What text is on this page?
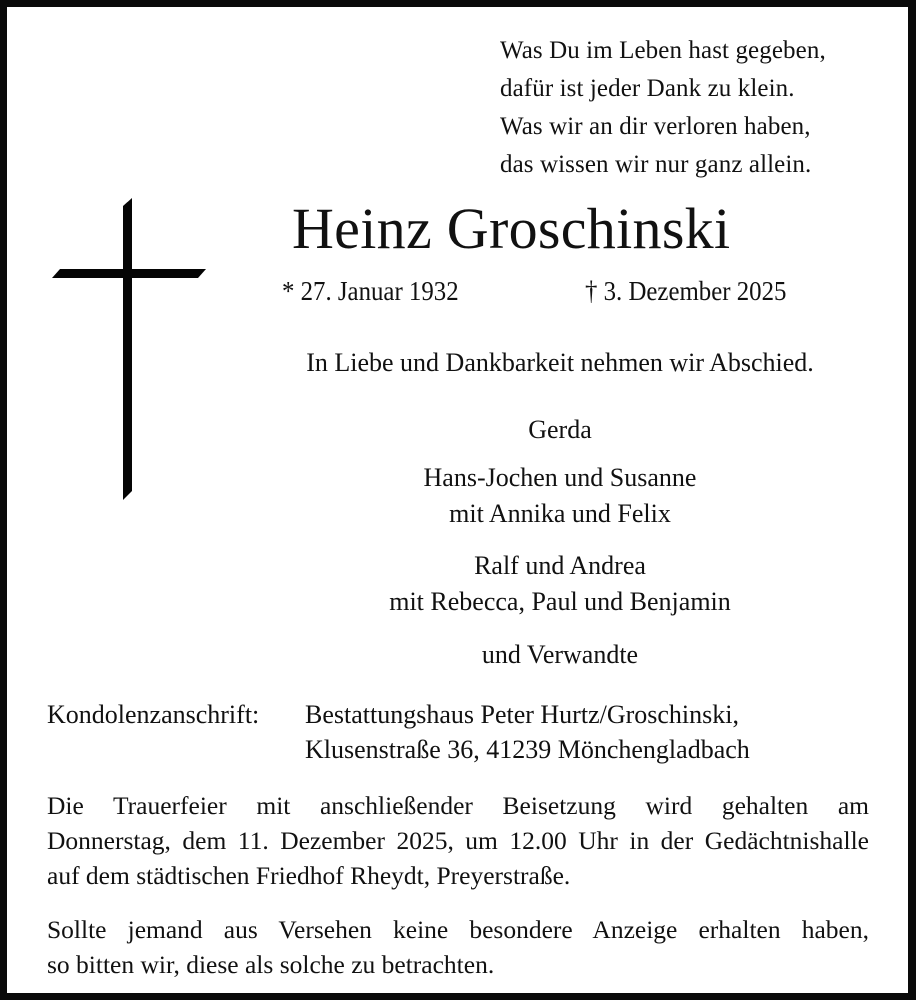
Was Du im Leben hast gegeben,
dafür ist jeder Dank zu klein.
Was wir an dir verloren haben,
das wissen wir nur ganz allein.
Heinz Groschinski
* 27. Januar 1932	† 3. Dezember 2025
In Liebe und Dankbarkeit nehmen wir Abschied.
Gerda
Hans-Jochen und Susanne
mit Annika und Felix
Ralf und Andrea
mit Rebecca, Paul und Benjamin
und Verwandte
Kondolenzanschrift:	Bestattungshaus Peter Hurtz/Groschinski,
Klusenstraße 36, 41239 Mönchengladbach
Die Trauerfeier mit anschließender Beisetzung wird gehalten am
Donnerstag, dem 11. Dezember 2025, um 12.00 Uhr in der Gedächtnishalle
auf dem städtischen Friedhof Rheydt, Preyerstraße.
Sollte jemand aus Versehen keine besondere Anzeige erhalten haben,
so bitten wir, diese als solche zu betrachten.
